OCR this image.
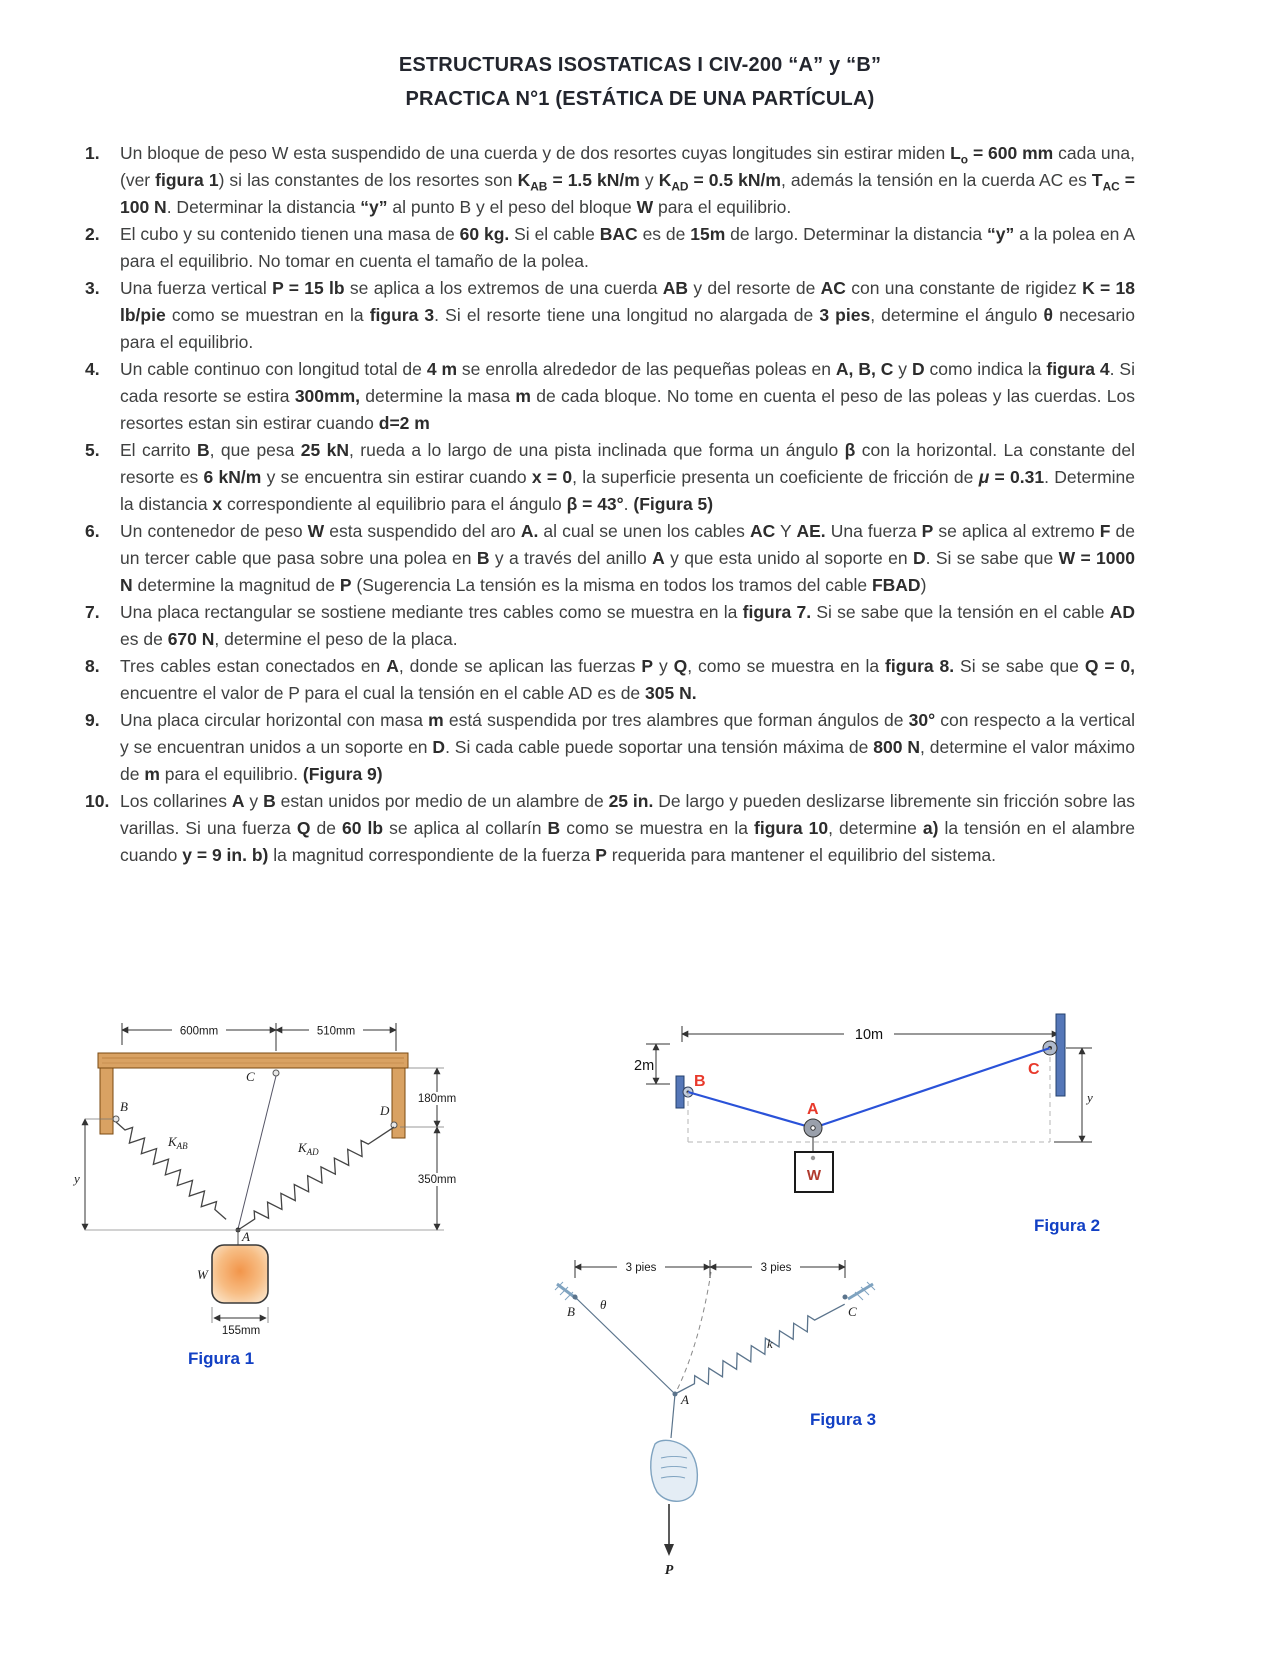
ESTRUCTURAS ISOSTATICAS I CIV-200 “A” y “B”
PRACTICA N°1 (ESTÁTICA DE UNA PARTÍCULA)
1.	Un bloque de peso W esta suspendido de una cuerda y de dos resortes cuyas longitudes sin estirar miden $L_o = 600$ mm cada una, (ver figura 1) si las constantes de los resortes son $K_{AB} = 1.5$ kN/m y $K_{AD} = 0.5$ kN/m, además la tensión en la cuerda AC es $T_{AC} = 100$ N. Determinar la distancia “y” al punto B y el peso del bloque W para el equilibrio.
2.	El cubo y su contenido tienen una masa de 60 kg. Si el cable BAC es de 15m de largo. Determinar la distancia “y” a la polea en A para el equilibrio. No tomar en cuenta el tamaño de la polea.
3.	Una fuerza vertical P = 15 lb se aplica a los extremos de una cuerda AB y del resorte de AC con una constante de rigidez K = 18 lb/pie como se muestran en la figura 3. Si el resorte tiene una longitud no alargada de 3 pies, determine el ángulo θ necesario para el equilibrio.
4.	Un cable continuo con longitud total de 4 m se enrolla alrededor de las pequeñas poleas en A, B, C y D como indica la figura 4. Si cada resorte se estira 300mm, determine la masa m de cada bloque. No tome en cuenta el peso de las poleas y las cuerdas. Los resortes estan sin estirar cuando d=2 m
5.	El carrito B, que pesa 25 kN, rueda a lo largo de una pista inclinada que forma un ángulo β con la horizontal. La constante del resorte es 6 kN/m y se encuentra sin estirar cuando x = 0, la superficie presenta un coeficiente de fricción de μ = 0.31. Determine la distancia x correspondiente al equilibrio para el ángulo β = 43°. (Figura 5)
6.	Un contenedor de peso W esta suspendido del aro A. al cual se unen los cables AC Y AE. Una fuerza P se aplica al extremo F de un tercer cable que pasa sobre una polea en B y a través del anillo A y que esta unido al soporte en D. Si se sabe que W = 1000 N determine la magnitud de P (Sugerencia La tensión es la misma en todos los tramos del cable FBAD)
7.	Una placa rectangular se sostiene mediante tres cables como se muestra en la figura 7. Si se sabe que la tensión en el cable AD es de 670 N, determine el peso de la placa.
8.	Tres cables estan conectados en A, donde se aplican las fuerzas P y Q, como se muestra en la figura 8. Si se sabe que Q = 0, encuentre el valor de P para el cual la tensión en el cable AD es de 305 N.
9.	Una placa circular horizontal con masa m está suspendida por tres alambres que forman ángulos de 30° con respecto a la vertical y se encuentran unidos a un soporte en D. Si cada cable puede soportar una tensión máxima de 800 N, determine el valor máximo de m para el equilibrio. (Figura 9)
10. Los collarines A y B estan unidos por medio de un alambre de 25 in. De largo y pueden deslizarse libremente sin fricción sobre las varillas. Si una fuerza Q de 60 lb se aplica al collarín B como se muestra en la figura 10, determine a) la tensión en el alambre cuando y = 9 in. b) la magnitud correspondiente de la fuerza P requerida para mantener el equilibrio del sistema.
600mm	510mm
y
180mm
350mm
W
155mm
B
C
D
A
$K_{AB}$	$K_{AD}$
Figura 1
10m
2m
y
W
B
A
C
Figura 2
3 pies	3 pies
P
B θ	C
A
k
Figura 3
